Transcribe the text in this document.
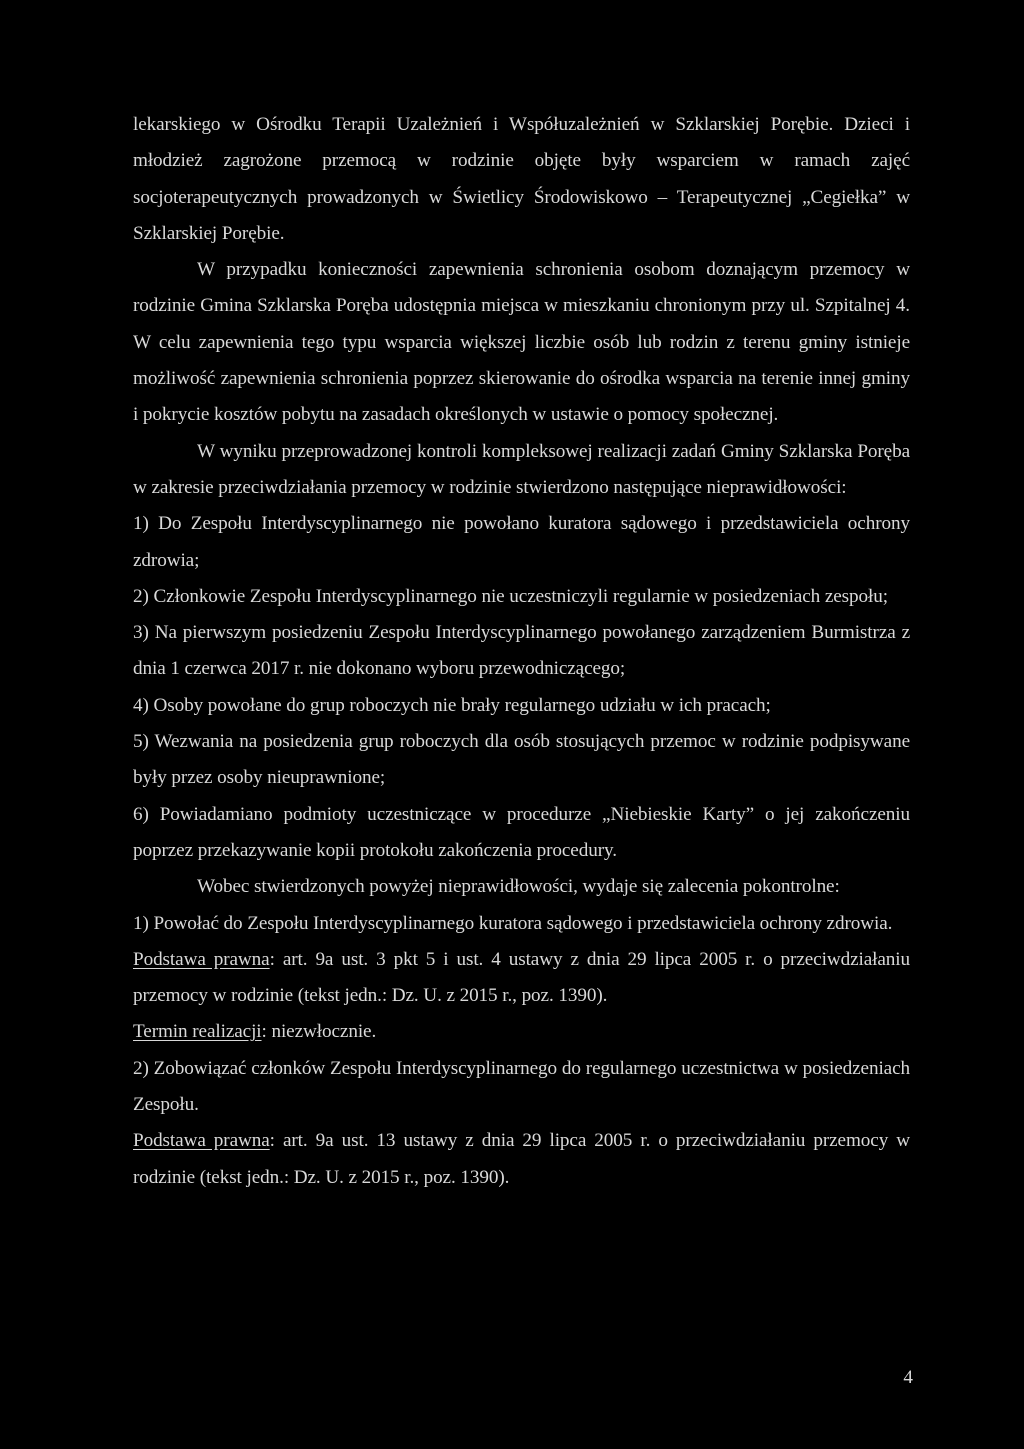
lekarskiego w Ośrodku Terapii Uzależnień i Współuzależnień w Szklarskiej Porębie. Dzieci i młodzież zagrożone przemocą w rodzinie objęte były wsparciem w ramach zajęć socjoterapeutycznych prowadzonych w Świetlicy Środowiskowo – Terapeutycznej „Cegiełka” w Szklarskiej Porębie.

W przypadku konieczności zapewnienia schronienia osobom doznającym przemocy w rodzinie Gmina Szklarska Poręba udostępnia miejsca w mieszkaniu chronionym przy ul. Szpitalnej 4. W celu zapewnienia tego typu wsparcia większej liczbie osób lub rodzin z terenu gminy istnieje możliwość zapewnienia schronienia poprzez skierowanie do ośrodka wsparcia na terenie innej gminy i pokrycie kosztów pobytu na zasadach określonych w ustawie o pomocy społecznej.

W wyniku przeprowadzonej kontroli kompleksowej realizacji zadań Gminy Szklarska Poręba w zakresie przeciwdziałania przemocy w rodzinie stwierdzono następujące nieprawidłowości:

1) Do Zespołu Interdyscyplinarnego nie powołano kuratora sądowego i przedstawiciela ochrony zdrowia;

2) Członkowie Zespołu Interdyscyplinarnego nie uczestniczyli regularnie w posiedzeniach zespołu;

3) Na pierwszym posiedzeniu Zespołu Interdyscyplinarnego powołanego zarządzeniem Burmistrza z dnia 1 czerwca 2017 r. nie dokonano wyboru przewodniczącego;

4) Osoby powołane do grup roboczych nie brały regularnego udziału w ich pracach;

5) Wezwania na posiedzenia grup roboczych dla osób stosujących przemoc w rodzinie podpisywane były przez osoby nieuprawnione;

6) Powiadamiano podmioty uczestniczące w procedurze „Niebieskie Karty” o jej zakończeniu poprzez przekazywanie kopii protokołu zakończenia procedury.

Wobec stwierdzonych powyżej nieprawidłowości, wydaje się zalecenia pokontrolne:

1) Powołać do Zespołu Interdyscyplinarnego kuratora sądowego i przedstawiciela ochrony zdrowia.

Podstawa prawna: art. 9a ust. 3 pkt 5 i ust. 4 ustawy z dnia 29 lipca 2005 r. o przeciwdziałaniu przemocy w rodzinie (tekst jedn.: Dz. U. z 2015 r., poz. 1390).

Termin realizacji: niezwłocznie.

2) Zobowiązać członków Zespołu Interdyscyplinarnego do regularnego uczestnictwa w posiedzeniach Zespołu.

Podstawa prawna: art. 9a ust. 13 ustawy z dnia 29 lipca 2005 r. o przeciwdziałaniu przemocy w rodzinie (tekst jedn.: Dz. U. z 2015 r., poz. 1390).

4
